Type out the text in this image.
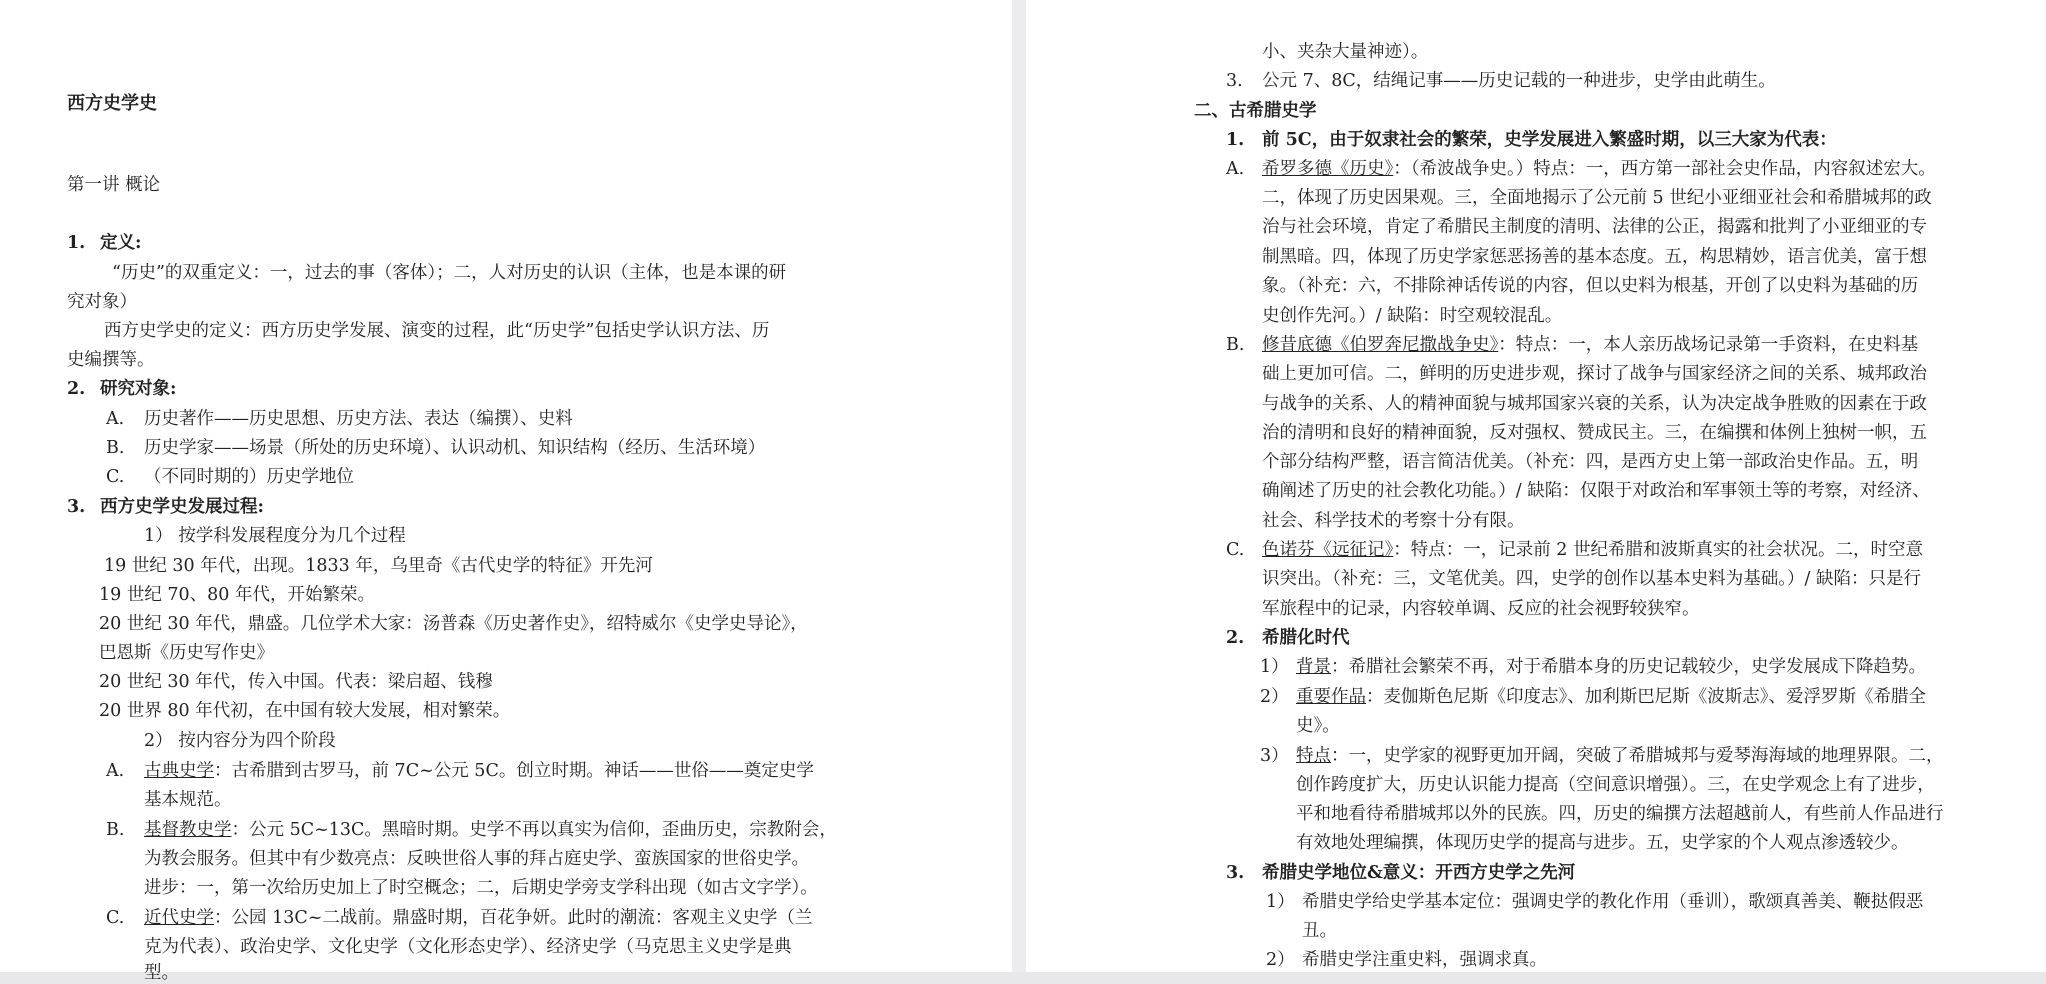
西方史学史
第一讲 概论
1. 定义:
“历史”的双重定义：一，过去的事（客体）；二，人对历史的认识（主体，也是本课的研
究对象）
西方史学史的定义：西方历史学发展、演变的过程，此“历史学”包括史学认识方法、历
史编撰等。
2. 研究对象:
A. 历史著作——历史思想、历史方法、表达（编撰）、史料
B. 历史学家——场景（所处的历史环境）、认识动机、知识结构（经历、生活环境）
C. （不同时期的）历史学地位
3. 西方史学史发展过程:
1） 按学科发展程度分为几个过程
19 世纪 30 年代，出现。1833 年，乌里奇《古代史学的特征》开先河
19 世纪 70、80 年代，开始繁荣。
20 世纪 30 年代，鼎盛。几位学术大家：汤普森《历史著作史》，绍特威尔《史学史导论》，
巴恩斯《历史写作史》
20 世纪 30 年代，传入中国。代表：梁启超、钱穆
20 世界 80 年代初，在中国有较大发展，相对繁荣。
2） 按内容分为四个阶段
A. 古典史学：古希腊到古罗马，前 7C~公元 5C。创立时期。神话——世俗——奠定史学
基本规范。
B. 基督教史学：公元 5C~13C。黑暗时期。史学不再以真实为信仰，歪曲历史，宗教附会，
为教会服务。但其中有少数亮点：反映世俗人事的拜占庭史学、蛮族国家的世俗史学。
进步：一，第一次给历史加上了时空概念；二，后期史学旁支学科出现（如古文字学）。
C. 近代史学：公园 13C~二战前。鼎盛时期，百花争妍。此时的潮流：客观主义史学（兰
克为代表）、政治史学、文化史学（文化形态史学）、经济史学（马克思主义史学是典
型。
小、夹杂大量神迹）。
3. 公元 7、8C，结绳记事——历史记载的一种进步，史学由此萌生。
二、古希腊史学
1. 前 5C，由于奴隶社会的繁荣，史学发展进入繁盛时期，以三大家为代表：
A. 希罗多德《历史》：（希波战争史。）特点：一，西方第一部社会史作品，内容叙述宏大。
二，体现了历史因果观。三，全面地揭示了公元前 5 世纪小亚细亚社会和希腊城邦的政
治与社会环境，肯定了希腊民主制度的清明、法律的公正，揭露和批判了小亚细亚的专
制黑暗。四，体现了历史学家惩恶扬善的基本态度。五，构思精妙，语言优美，富于想
象。（补充：六，不排除神话传说的内容，但以史料为根基，开创了以史料为基础的历
史创作先河。）/ 缺陷：时空观较混乱。
B. 修昔底德《伯罗奔尼撒战争史》：特点：一，本人亲历战场记录第一手资料，在史料基
础上更加可信。二，鲜明的历史进步观，探讨了战争与国家经济之间的关系、城邦政治
与战争的关系、人的精神面貌与城邦国家兴衰的关系，认为决定战争胜败的因素在于政
治的清明和良好的精神面貌，反对强权、赞成民主。三，在编撰和体例上独树一帜，五
个部分结构严整，语言简洁优美。（补充：四，是西方史上第一部政治史作品。五，明
确阐述了历史的社会教化功能。）/ 缺陷：仅限于对政治和军事领土等的考察，对经济、
社会、科学技术的考察十分有限。
C. 色诺芬《远征记》：特点：一，记录前 2 世纪希腊和波斯真实的社会状况。二，时空意
识突出。（补充：三，文笔优美。四，史学的创作以基本史料为基础。）/ 缺陷：只是行
军旅程中的记录，内容较单调、反应的社会视野较狭窄。
2. 希腊化时代
1） 背景：希腊社会繁荣不再，对于希腊本身的历史记载较少，史学发展成下降趋势。
2） 重要作品：麦伽斯色尼斯《印度志》、加利斯巴尼斯《波斯志》、爱浮罗斯《希腊全
史》。
3） 特点：一，史学家的视野更加开阔，突破了希腊城邦与爱琴海海域的地理界限。二，
创作跨度扩大，历史认识能力提高（空间意识增强）。三，在史学观念上有了进步，
平和地看待希腊城邦以外的民族。四，历史的编撰方法超越前人，有些前人作品进行
有效地处理编撰，体现历史学的提高与进步。五，史学家的个人观点渗透较少。
3. 希腊史学地位&意义：开西方史学之先河
1） 希腊史学给史学基本定位：强调史学的教化作用（垂训），歌颂真善美、鞭挞假恶
丑。
2） 希腊史学注重史料，强调求真。
